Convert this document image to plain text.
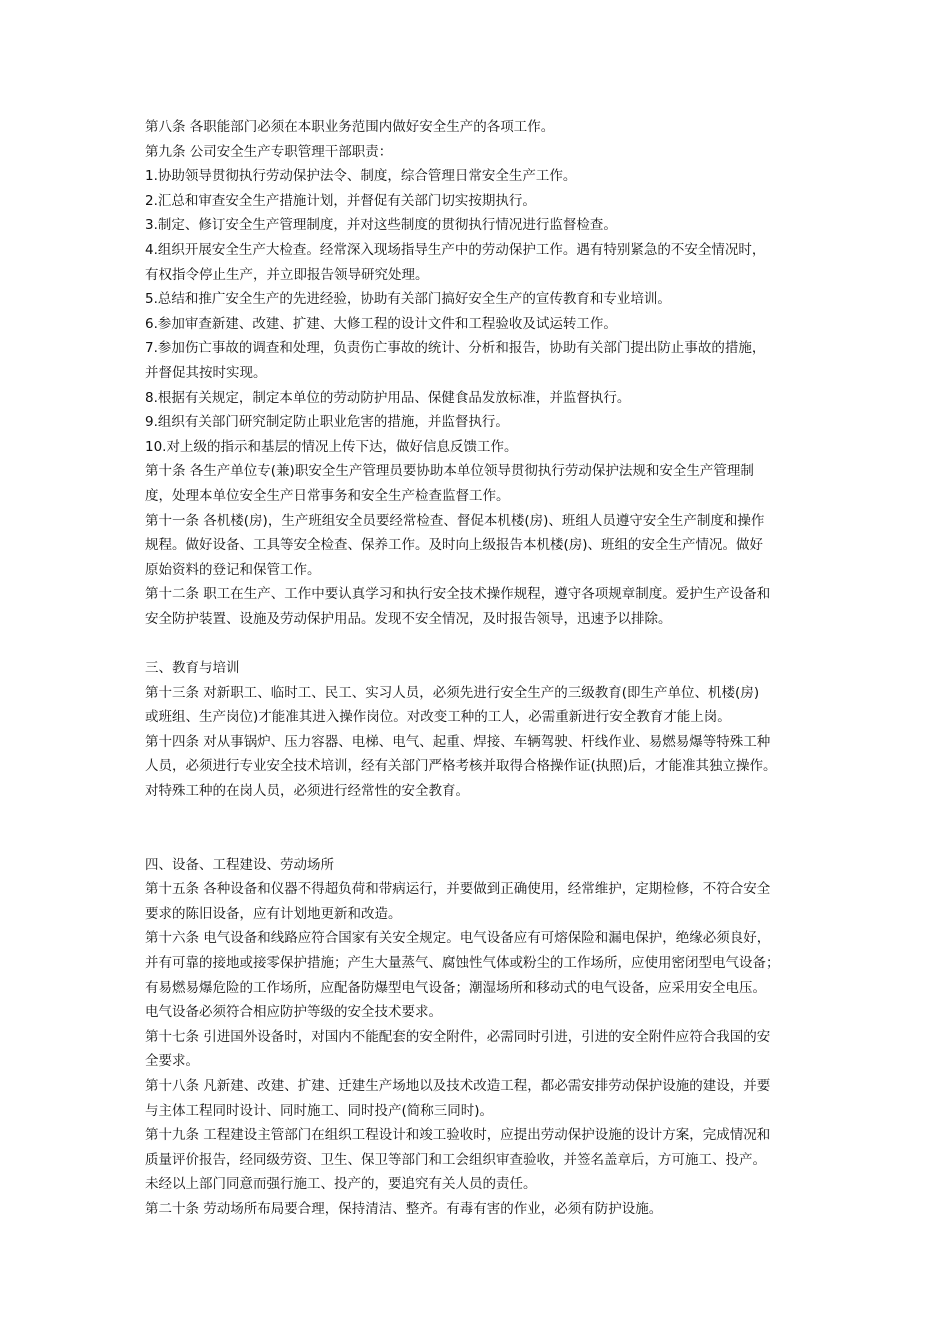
第八条 各职能部门必须在本职业务范围内做好安全生产的各项工作。
第九条 公司安全生产专职管理干部职责：
1.协助领导贯彻执行劳动保护法令、制度，综合管理日常安全生产工作。
2.汇总和审查安全生产措施计划，并督促有关部门切实按期执行。
3.制定、修订安全生产管理制度，并对这些制度的贯彻执行情况进行监督检查。
4.组织开展安全生产大检查。经常深入现场指导生产中的劳动保护工作。遇有特别紧急的不安全情况时，
有权指令停止生产，并立即报告领导研究处理。
5.总结和推广安全生产的先进经验，协助有关部门搞好安全生产的宣传教育和专业培训。
6.参加审查新建、改建、扩建、大修工程的设计文件和工程验收及试运转工作。
7.参加伤亡事故的调查和处理，负责伤亡事故的统计、分析和报告，协助有关部门提出防止事故的措施，
并督促其按时实现。
8.根据有关规定，制定本单位的劳动防护用品、保健食品发放标准，并监督执行。
9.组织有关部门研究制定防止职业危害的措施，并监督执行。
10.对上级的指示和基层的情况上传下达，做好信息反馈工作。
第十条 各生产单位专(兼)职安全生产管理员要协助本单位领导贯彻执行劳动保护法规和安全生产管理制
度，处理本单位安全生产日常事务和安全生产检查监督工作。
第十一条 各机楼(房)，生产班组安全员要经常检查、督促本机楼(房)、班组人员遵守安全生产制度和操作
规程。做好设备、工具等安全检查、保养工作。及时向上级报告本机楼(房)、班组的安全生产情况。做好
原始资料的登记和保管工作。
第十二条 职工在生产、工作中要认真学习和执行安全技术操作规程，遵守各项规章制度。爱护生产设备和
安全防护装置、设施及劳动保护用品。发现不安全情况，及时报告领导，迅速予以排除。
三、教育与培训
第十三条 对新职工、临时工、民工、实习人员，必须先进行安全生产的三级教育(即生产单位、机楼(房)
或班组、生产岗位)才能准其进入操作岗位。对改变工种的工人，必需重新进行安全教育才能上岗。
第十四条 对从事锅炉、压力容器、电梯、电气、起重、焊接、车辆驾驶、杆线作业、易燃易爆等特殊工种
人员，必须进行专业安全技术培训，经有关部门严格考核并取得合格操作证(执照)后，才能准其独立操作。
对特殊工种的在岗人员，必须进行经常性的安全教育。
四、设备、工程建设、劳动场所
第十五条 各种设备和仪器不得超负荷和带病运行，并要做到正确使用，经常维护，定期检修，不符合安全
要求的陈旧设备，应有计划地更新和改造。
第十六条 电气设备和线路应符合国家有关安全规定。电气设备应有可熔保险和漏电保护，绝缘必须良好，
并有可靠的接地或接零保护措施；产生大量蒸气、腐蚀性气体或粉尘的工作场所，应使用密闭型电气设备；
有易燃易爆危险的工作场所，应配备防爆型电气设备；潮湿场所和移动式的电气设备，应采用安全电压。
电气设备必须符合相应防护等级的安全技术要求。
第十七条 引进国外设备时，对国内不能配套的安全附件，必需同时引进，引进的安全附件应符合我国的安
全要求。
第十八条 凡新建、改建、扩建、迁建生产场地以及技术改造工程，都必需安排劳动保护设施的建设，并要
与主体工程同时设计、同时施工、同时投产(简称三同时)。
第十九条 工程建设主管部门在组织工程设计和竣工验收时，应提出劳动保护设施的设计方案，完成情况和
质量评价报告，经同级劳资、卫生、保卫等部门和工会组织审查验收，并签名盖章后，方可施工、投产。
未经以上部门同意而强行施工、投产的，要追究有关人员的责任。
第二十条 劳动场所布局要合理，保持清洁、整齐。有毒有害的作业，必须有防护设施。
